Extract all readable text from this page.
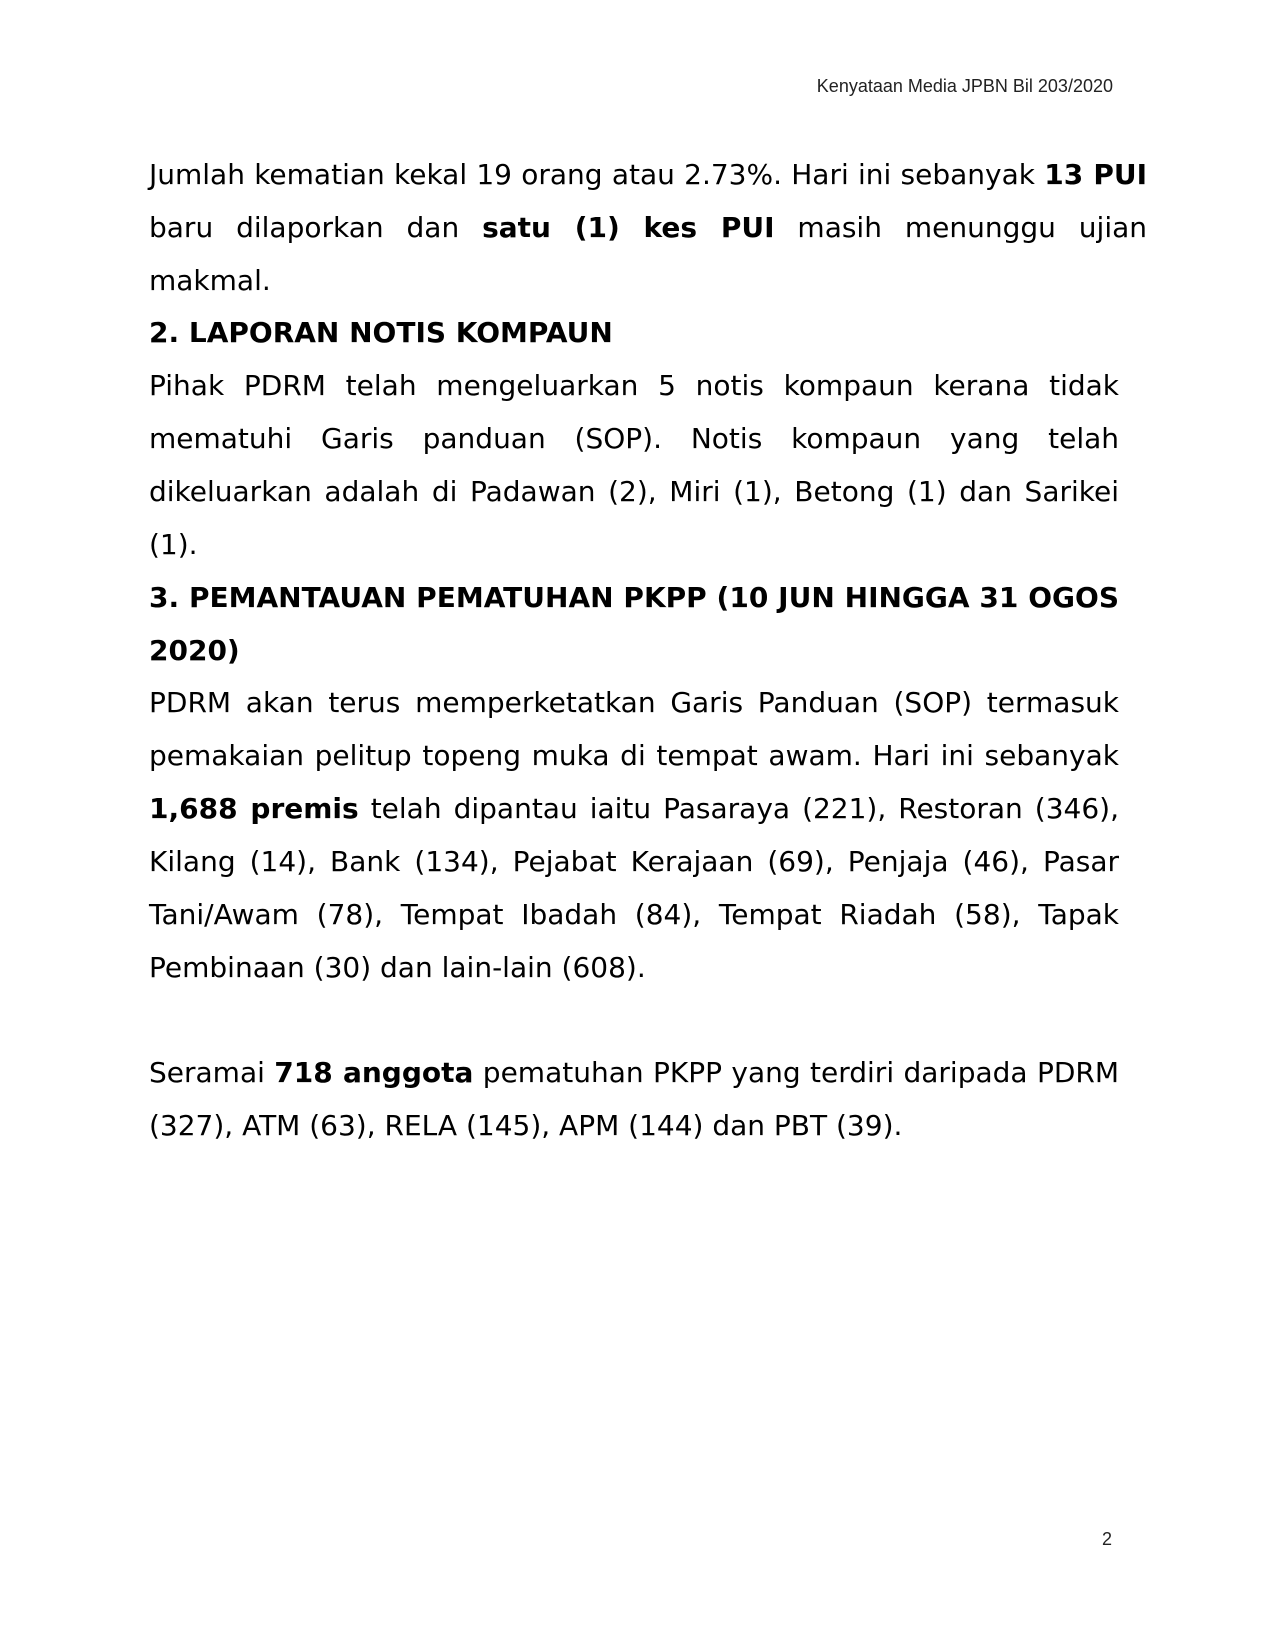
Kenyataan Media JPBN Bil 203/2020

Jumlah kematian kekal 19 orang atau 2.73%. Hari ini sebanyak 13 PUI baru dilaporkan dan satu (1) kes PUI masih menunggu ujian makmal.

2. LAPORAN NOTIS KOMPAUN

Pihak PDRM telah mengeluarkan 5 notis kompaun kerana tidak mematuhi Garis panduan (SOP). Notis kompaun yang telah dikeluarkan adalah di Padawan (2), Miri (1), Betong (1) dan Sarikei (1).

3. PEMANTAUAN PEMATUHAN PKPP (10 JUN HINGGA 31 OGOS 2020)

PDRM akan terus memperketatkan Garis Panduan (SOP) termasuk pemakaian pelitup topeng muka di tempat awam. Hari ini sebanyak 1,688 premis telah dipantau iaitu Pasaraya (221), Restoran (346), Kilang (14), Bank (134), Pejabat Kerajaan (69), Penjaja (46), Pasar Tani/Awam (78), Tempat Ibadah (84), Tempat Riadah (58), Tapak Pembinaan (30) dan lain-lain (608).

Seramai 718 anggota pematuhan PKPP yang terdiri daripada PDRM (327), ATM (63), RELA (145), APM (144) dan PBT (39).

2
